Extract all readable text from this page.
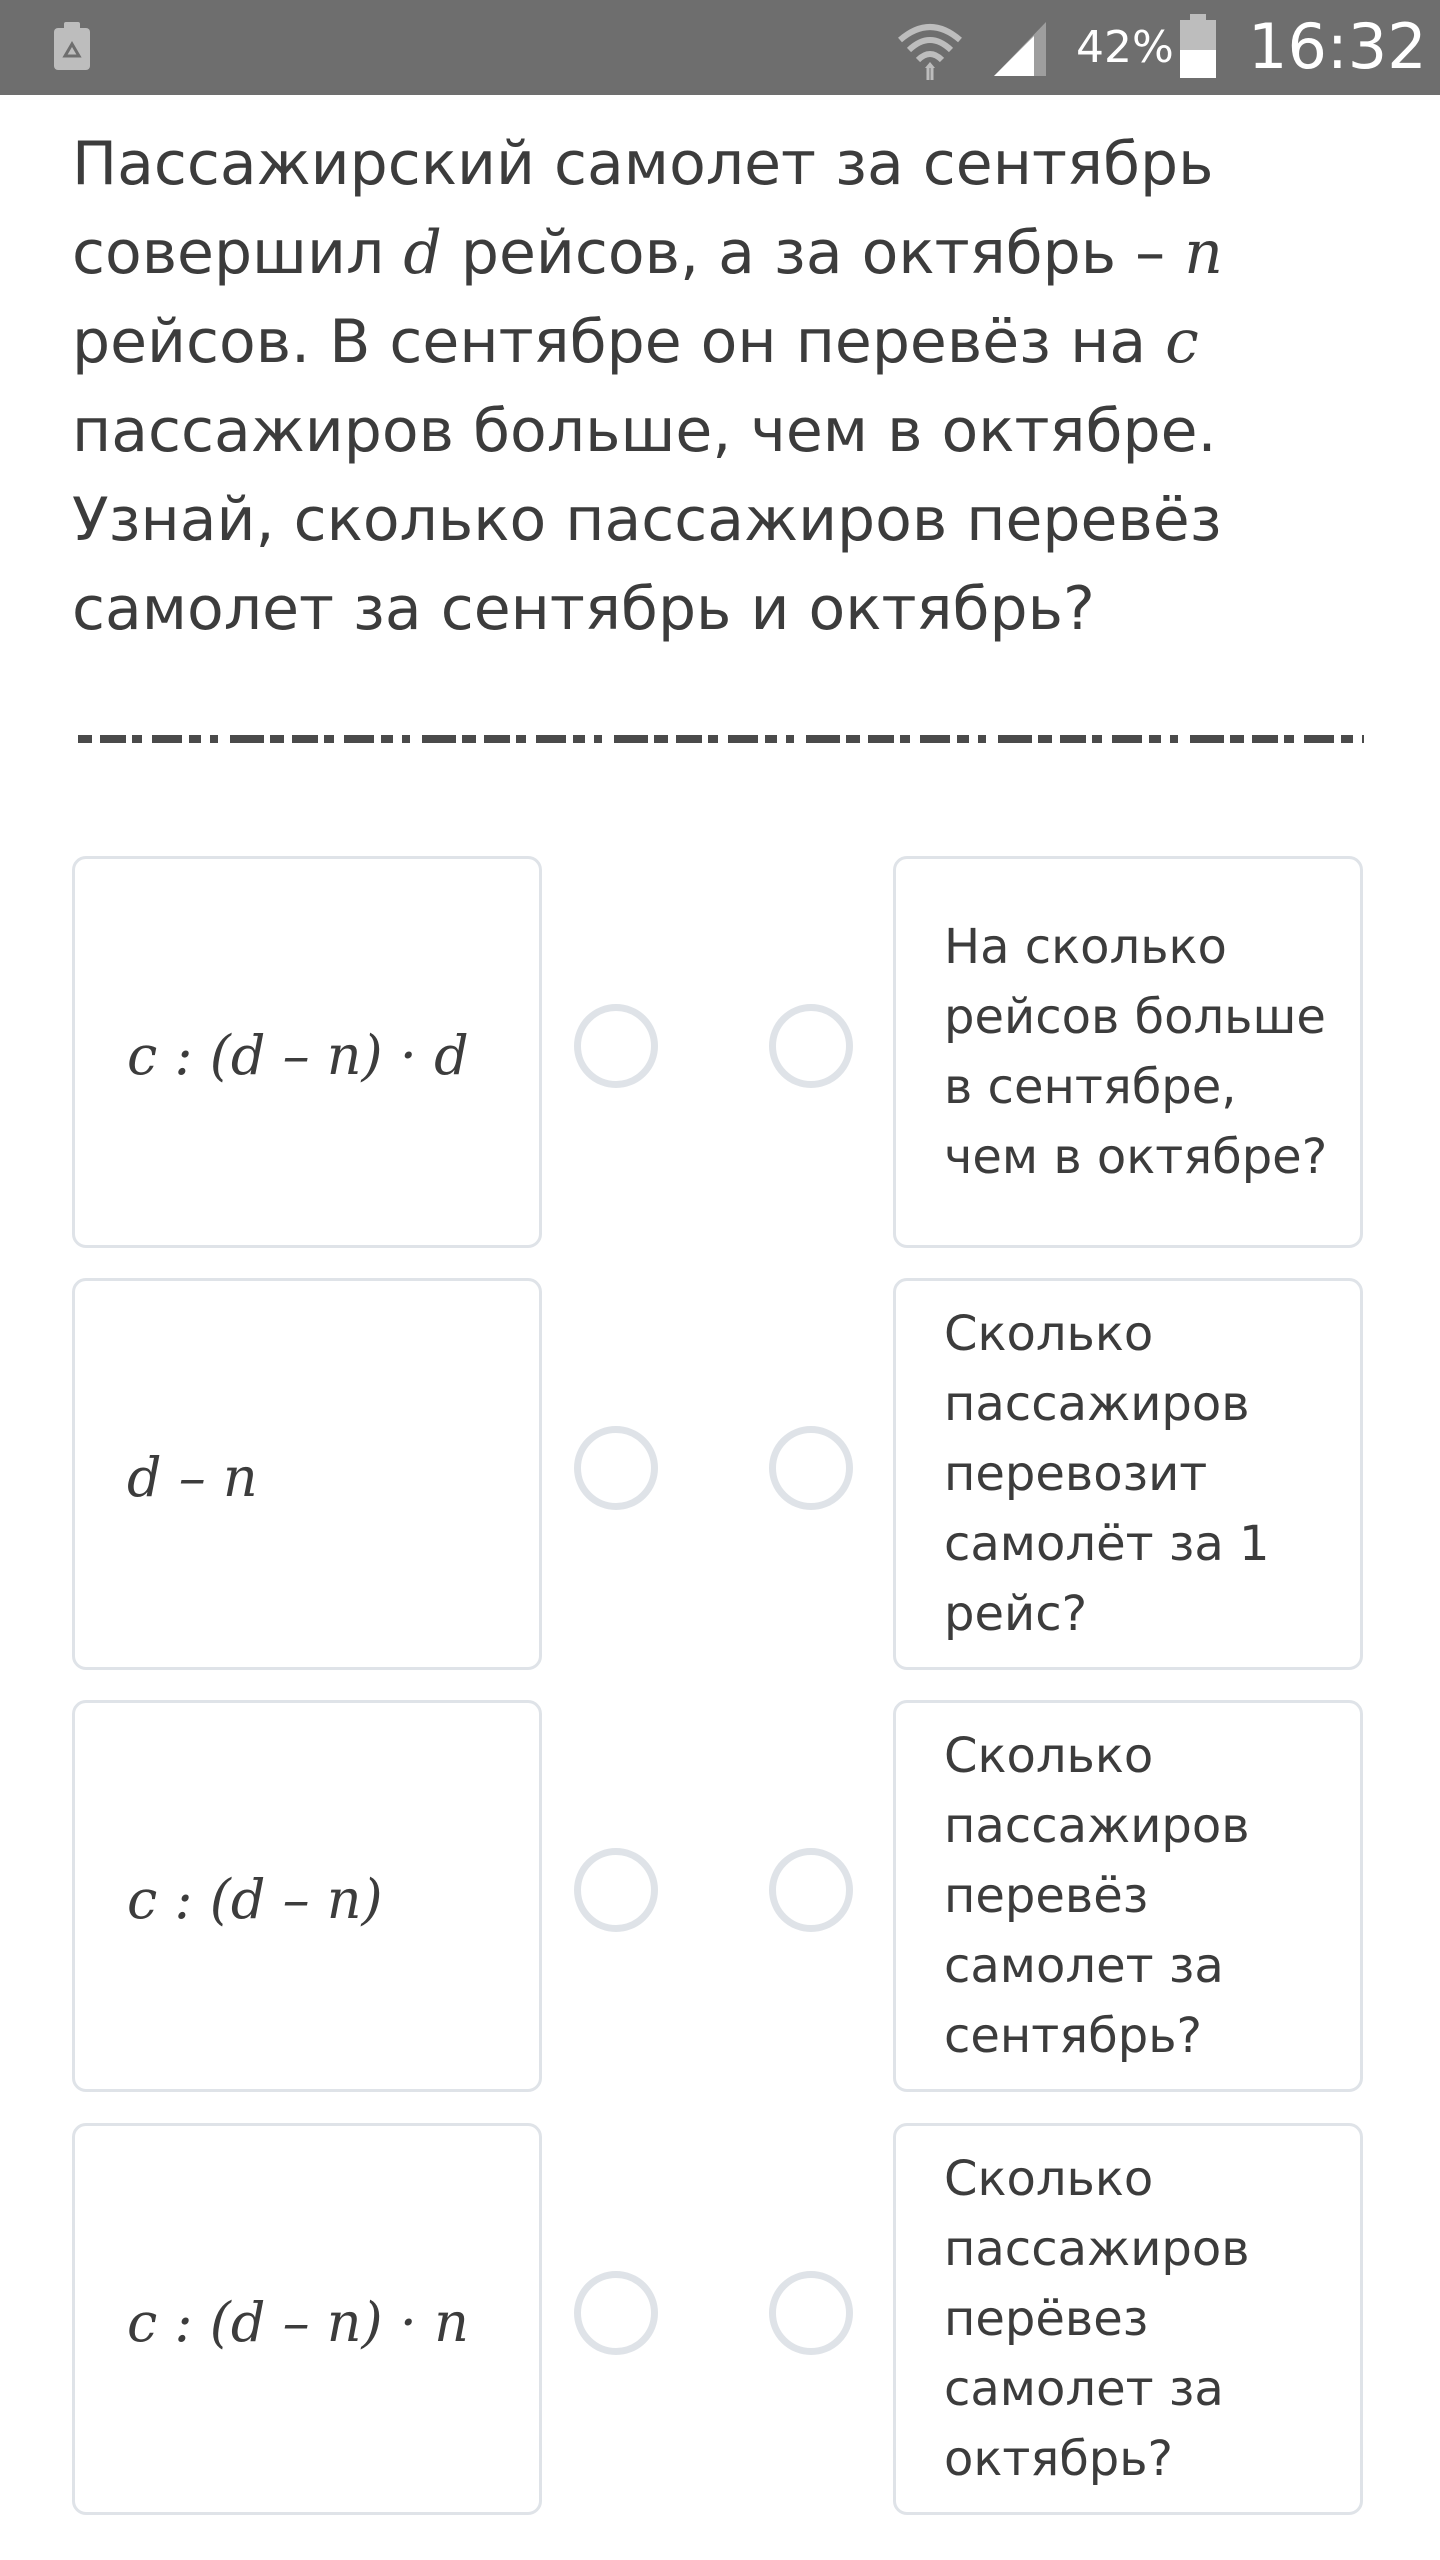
42% 16:32

Пассажирский самолет за сентябрь совершил d рейсов, а за октябрь – n рейсов. В сентябре он перевёз на c пассажиров больше, чем в октябре. Узнай, сколько пассажиров перевёз самолет за сентябрь и октябрь?

c : (d – n) · d
На сколько рейсов больше в сентябре, чем в октябре?
d – n
Сколько пассажиров перевозит самолёт за 1 рейс?
c : (d – n)
Сколько пассажиров перевёз самолет за сентябрь?
c : (d – n) · n
Сколько пассажиров перёвез самолет за октябрь?
